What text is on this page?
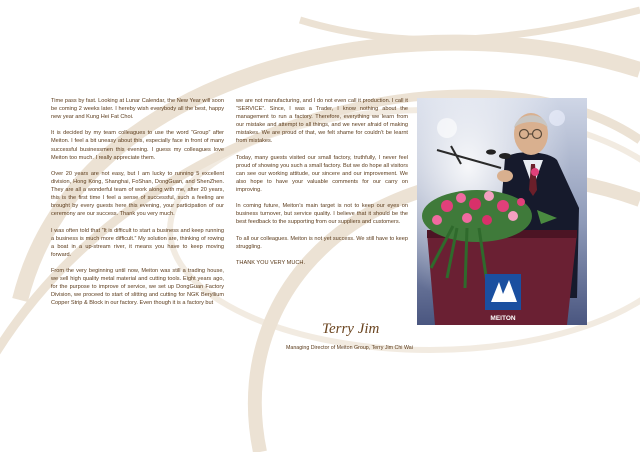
Time pass by fast. Looking at Lunar Calendar, the New Year will soon be coming 2 weeks later. I hereby wish everybody all the best, happy new year and Kung Hei Fat Choi.

It is decided by my team colleagues to use the word “Group” after Meiton. I feel a bit uneasy about this, especially face in front of many successful businessmen this evening. I guess my colleagues love Meiton too much. I really appreciate them.

Over 20 years are not easy, but I am lucky to running 5 excellent division, Hong Kong, Shanghai, FoShan, DongGuan, and ShenZhen. They are all a wonderful team of work along with me, after 20 years, this is the first time I feel a sense of successful, such a feeling are brought by every guests here this evening, your participation of our ceremony are our success. Thank you very much.

I was often told that “It is difficult to start a business and keep running a business is much more difficult.” My solution are, thinking of rowing a boat in a up-stream river, it means you have to keep moving forward.

From the very beginning until now, Meiton was still a trading house, we sell high quality metal material and cutting tools. Eight years ago, for the purpose to improve of service, we set up DongGuan Factory Division, we proceed to start of slitting and cutting for NGK Beryllium Copper Strip & Block in our factory. Even though it is a factory but

we are not manufacturing, and I do not even call it production. I call it “SERVICE”. Since, I was a Trader, I know nothing about the management to run a factory. Therefore, everything we learn from our mistake and attempt to all things, and we never afraid of making mistakes. We are proud of that, we felt shame for couldn’t be learnt from mistakes.

Today, many guests visited our small factory, truthfully, I never feel proud of showing you such a small factory. But we do hope all visitors can see our working attitude, our sincere and our improvement. We also hope to have your valuable comments for our carry on improving.

In coming future, Meiton’s main target is not to keep our eyes on business turnover, but service quality. I believe that it should be the best feedback to the supporting from our suppliers and customers.

To all our colleagues. Meiton is not yet success. We still have to keep struggling.

THANK YOU VERY MUCH.

MEITON
Terry Jim
Managing Director of Meiton Group, Terry Jim Chi Wai
